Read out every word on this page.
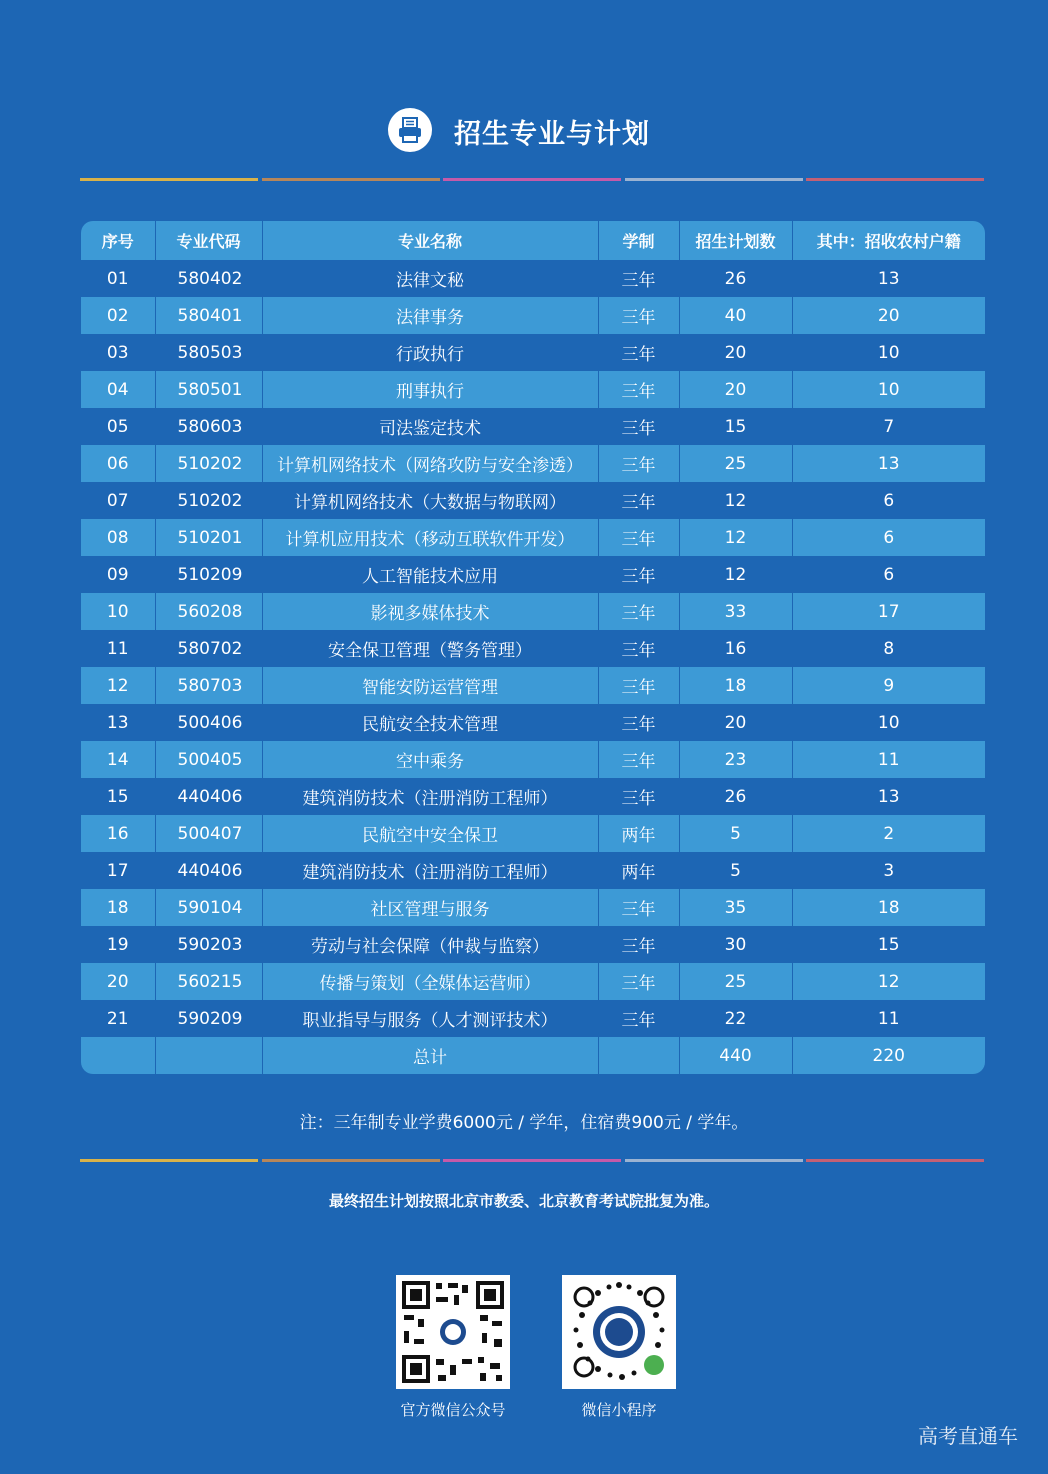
招生专业与计划
序号	专业代码	专业名称	学制	招生计划数	其中：招收农村户籍
01	580402	法律文秘	三年	26	13
02	580401	法律事务	三年	40	20
03	580503	行政执行	三年	20	10
04	580501	刑事执行	三年	20	10
05	580603	司法鉴定技术	三年	15	7
06	510202	计算机网络技术（网络攻防与安全渗透）	三年	25	13
07	510202	计算机网络技术（大数据与物联网）	三年	12	6
08	510201	计算机应用技术（移动互联软件开发）	三年	12	6
09	510209	人工智能技术应用	三年	12	6
10	560208	影视多媒体技术	三年	33	17
11	580702	安全保卫管理（警务管理）	三年	16	8
12	580703	智能安防运营管理	三年	18	9
13	500406	民航安全技术管理	三年	20	10
14	500405	空中乘务	三年	23	11
15	440406	建筑消防技术（注册消防工程师）	三年	26	13
16	500407	民航空中安全保卫	两年	5	2
17	440406	建筑消防技术（注册消防工程师）	两年	5	3
18	590104	社区管理与服务	三年	35	18
19	590203	劳动与社会保障（仲裁与监察）	三年	30	15
20	560215	传播与策划（全媒体运营师）	三年	25	12
21	590209	职业指导与服务（人才测评技术）	三年	22	11
		总计		440	220
注：三年制专业学费6000元 / 学年，住宿费900元 / 学年。
最终招生计划按照北京市教委、北京教育考试院批复为准。
官方微信公众号	微信小程序
高考直通车
